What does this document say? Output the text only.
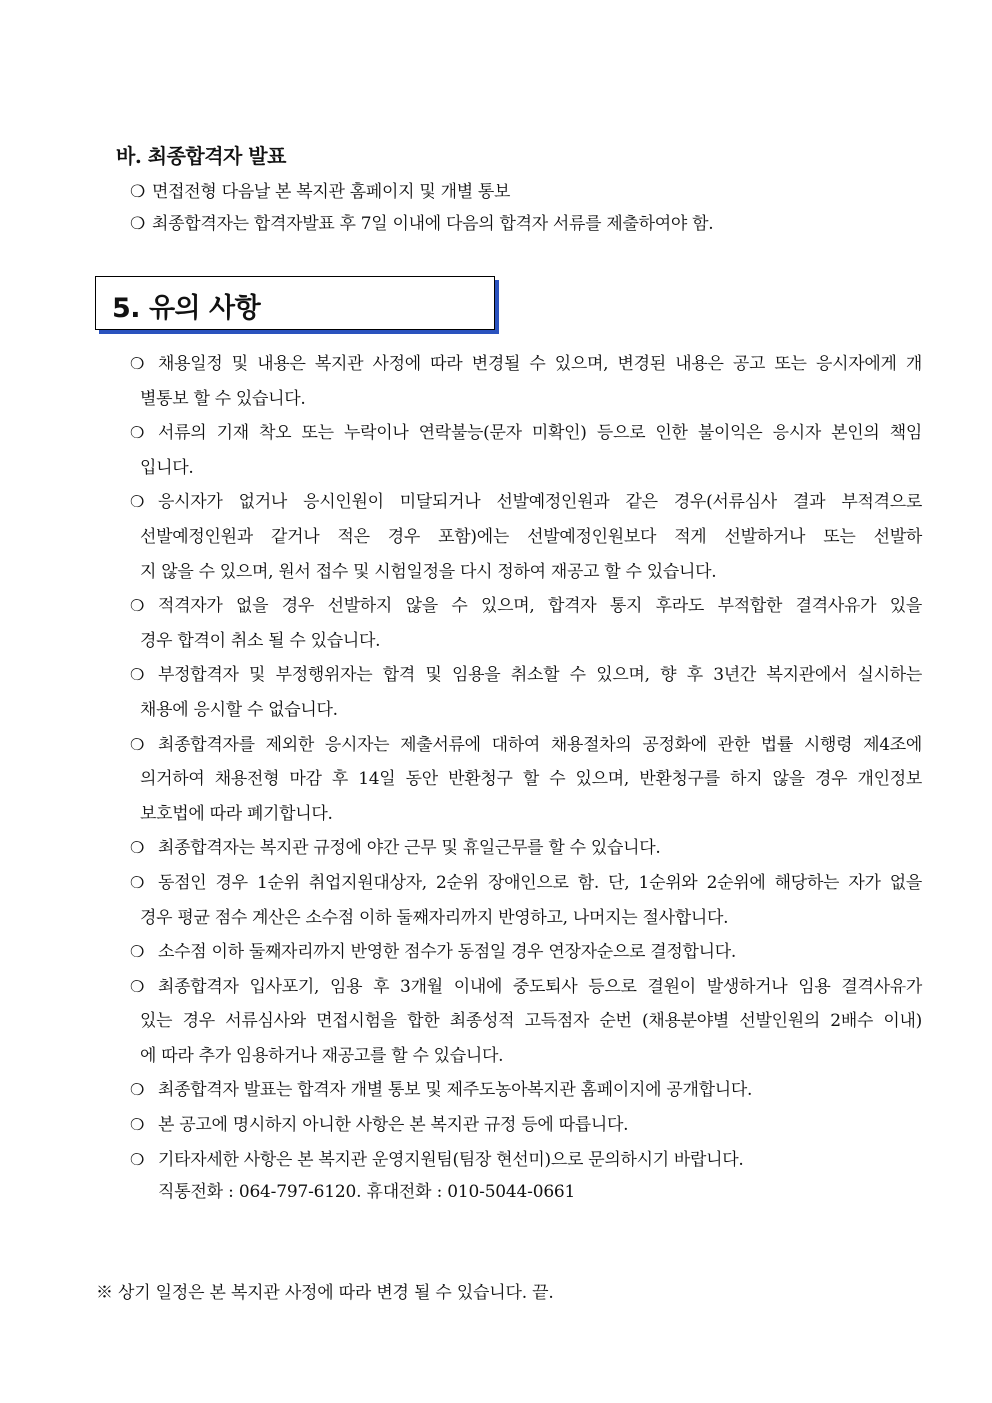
바. 최종합격자 발표
❍ 면접전형 다음날 본 복지관 홈페이지 및 개별 통보
❍ 최종합격자는 합격자발표 후 7일 이내에 다음의 합격자 서류를 제출하여야 함.
5. 유의 사항
❍ 채용일정 및 내용은 복지관 사정에 따라 변경될 수 있으며, 변경된 내용은 공고 또는 응시자에게 개
별통보 할 수 있습니다.
❍ 서류의 기재 착오 또는 누락이나 연락불능(문자 미확인) 등으로 인한 불이익은 응시자 본인의 책임
입니다.
❍ 응시자가 없거나 응시인원이 미달되거나 선발예정인원과 같은 경우(서류심사 결과 부적격으로
선발예정인원과 같거나 적은 경우 포함)에는 선발예정인원보다 적게 선발하거나 또는 선발하
지 않을 수 있으며, 원서 접수 및 시험일정을 다시 정하여 재공고 할 수 있습니다.
❍ 적격자가 없을 경우 선발하지 않을 수 있으며, 합격자 통지 후라도 부적합한 결격사유가 있을
경우 합격이 취소 될 수 있습니다.
❍ 부정합격자 및 부정행위자는 합격 및 임용을 취소할 수 있으며, 향 후 3년간 복지관에서 실시하는
채용에 응시할 수 없습니다.
❍ 최종합격자를 제외한 응시자는 제출서류에 대하여 채용절차의 공정화에 관한 법률 시행령 제4조에
의거하여 채용전형 마감 후 14일 동안 반환청구 할 수 있으며, 반환청구를 하지 않을 경우 개인정보
보호법에 따라 폐기합니다.
❍ 최종합격자는 복지관 규정에 야간 근무 및 휴일근무를 할 수 있습니다.
❍ 동점인 경우 1순위 취업지원대상자, 2순위 장애인으로 함. 단, 1순위와 2순위에 해당하는 자가 없을
경우 평균 점수 계산은 소수점 이하 둘째자리까지 반영하고, 나머지는 절사합니다.
❍ 소수점 이하 둘째자리까지 반영한 점수가 동점일 경우 연장자순으로 결정합니다.
❍ 최종합격자 입사포기, 임용 후 3개월 이내에 중도퇴사 등으로 결원이 발생하거나 임용 결격사유가
있는 경우 서류심사와 면접시험을 합한 최종성적 고득점자 순번 (채용분야별 선발인원의 2배수 이내)
에 따라 추가 임용하거나 재공고를 할 수 있습니다.
❍ 최종합격자 발표는 합격자 개별 통보 및 제주도농아복지관 홈페이지에 공개합니다.
❍ 본 공고에 명시하지 아니한 사항은 본 복지관 규정 등에 따릅니다.
❍ 기타자세한 사항은 본 복지관 운영지원팀(팀장 현선미)으로 문의하시기 바랍니다.
직통전화 : 064-797-6120. 휴대전화 : 010-5044-0661
※ 상기 일정은 본 복지관 사정에 따라 변경 될 수 있습니다. 끝.
